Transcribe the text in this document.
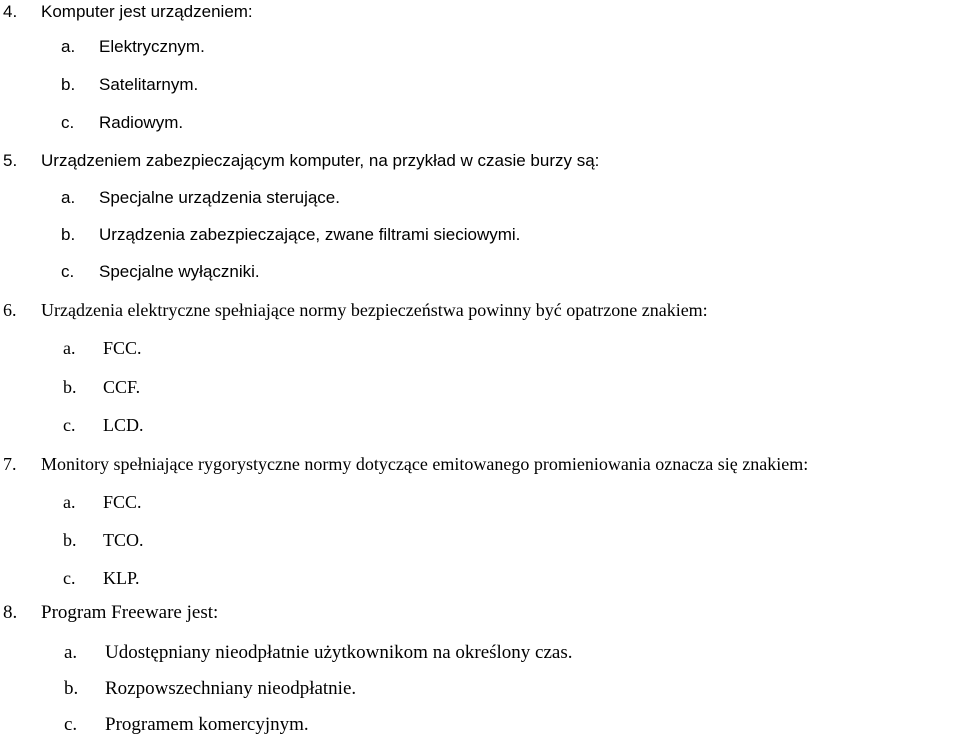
4.	Komputer jest urządzeniem:
a.	Elektrycznym.
b.	Satelitarnym.
c.	Radiowym.
5.	Urządzeniem zabezpieczającym komputer, na przykład w czasie burzy są:
a.	Specjalne urządzenia sterujące.
b.	Urządzenia zabezpieczające, zwane filtrami sieciowymi.
c.	Specjalne wyłączniki.
6.	Urządzenia elektryczne spełniające normy bezpieczeństwa powinny być opatrzone znakiem:
a.	FCC.
b.	CCF.
c.	LCD.
7.	Monitory spełniające rygorystyczne normy dotyczące emitowanego promieniowania oznacza się znakiem:
a.	FCC.
b.	TCO.
c.	KLP.
8.	Program Freeware jest:
a.	Udostępniany nieodpłatnie użytkownikom na określony czas.
b.	Rozpowszechniany nieodpłatnie.
c.	Programem komercyjnym.
